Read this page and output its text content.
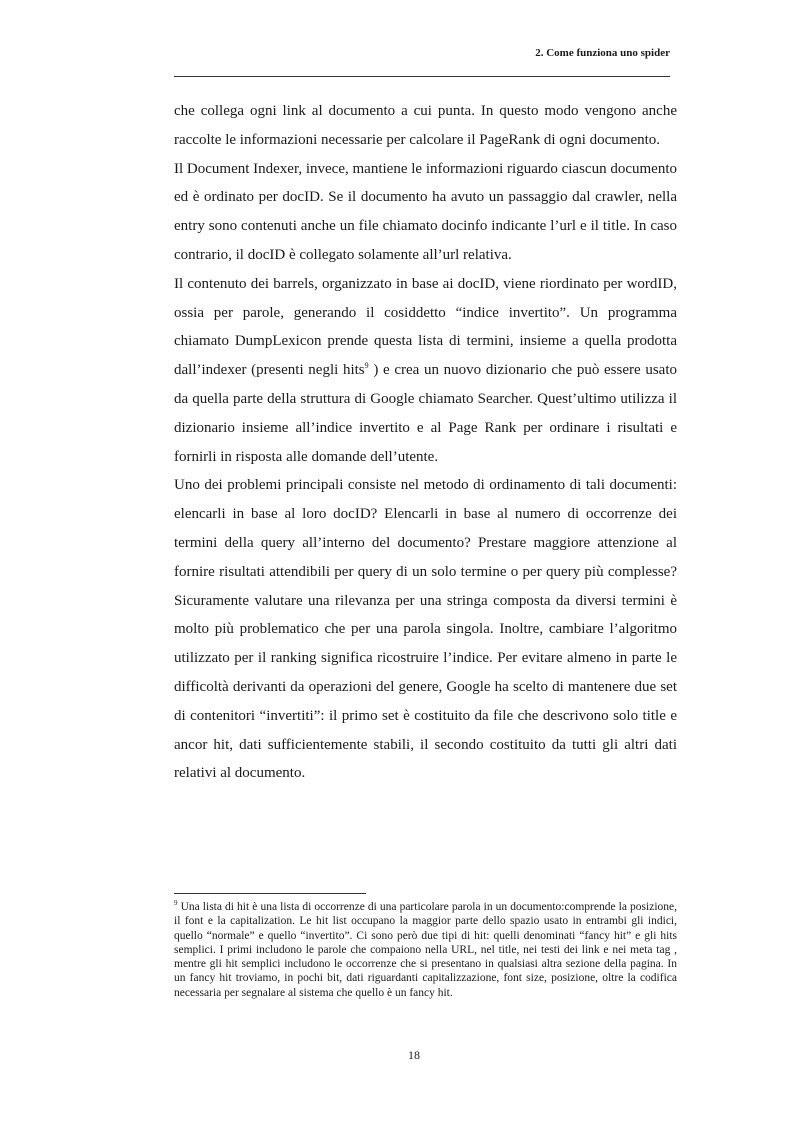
2. Come funziona uno spider

che collega ogni link al documento a cui punta. In questo modo vengono anche raccolte le informazioni necessarie per calcolare il PageRank di ogni documento.

Il Document Indexer, invece, mantiene le informazioni riguardo ciascun documento ed è ordinato per docID. Se il documento ha avuto un passaggio dal crawler, nella entry sono contenuti anche un file chiamato docinfo indicante l’url e il title. In caso contrario, il docID è collegato solamente all’url relativa.

Il contenuto dei barrels, organizzato in base ai docID, viene riordinato per wordID, ossia per parole, generando il cosiddetto “indice invertito”. Un programma chiamato DumpLexicon prende questa lista di termini, insieme a quella prodotta dall’indexer (presenti negli hits$^9$ ) e crea un nuovo dizionario che può essere usato da quella parte della struttura di Google chiamato Searcher. Quest’ultimo utilizza il dizionario insieme all’indice invertito e al Page Rank per ordinare i risultati e fornirli in risposta alle domande dell’utente.

Uno dei problemi principali consiste nel metodo di ordinamento di tali documenti: elencarli in base al loro docID? Elencarli in base al numero di occorrenze dei termini della query all’interno del documento? Prestare maggiore attenzione al fornire risultati attendibili per query di un solo termine o per query più complesse? Sicuramente valutare una rilevanza per una stringa composta da diversi termini è molto più problematico che per una parola singola. Inoltre, cambiare l’algoritmo utilizzato per il ranking significa ricostruire l’indice. Per evitare almeno in parte le difficoltà derivanti da operazioni del genere, Google ha scelto di mantenere due set di contenitori “invertiti”: il primo set è costituito da file che descrivono solo title e ancor hit, dati sufficientemente stabili, il secondo costituito da tutti gli altri dati relativi al documento.

$^9$ Una lista di hit è una lista di occorrenze di una particolare parola in un documento:comprende la posizione, il font e la capitalization. Le hit list occupano la maggior parte dello spazio usato in entrambi gli indici, quello “normale” e quello “invertito”. Ci sono però due tipi di hit: quelli denominati “fancy hit” e gli hits semplici. I primi includono le parole che compaiono nella URL, nel title, nei testi dei link e nei meta tag , mentre gli hit semplici includono le occorrenze che si presentano in qualsiasi altra sezione della pagina. In un fancy hit troviamo, in pochi bit, dati riguardanti capitalizzazione, font size, posizione, oltre la codifica necessaria per segnalare al sistema che quello è un fancy hit.
18
